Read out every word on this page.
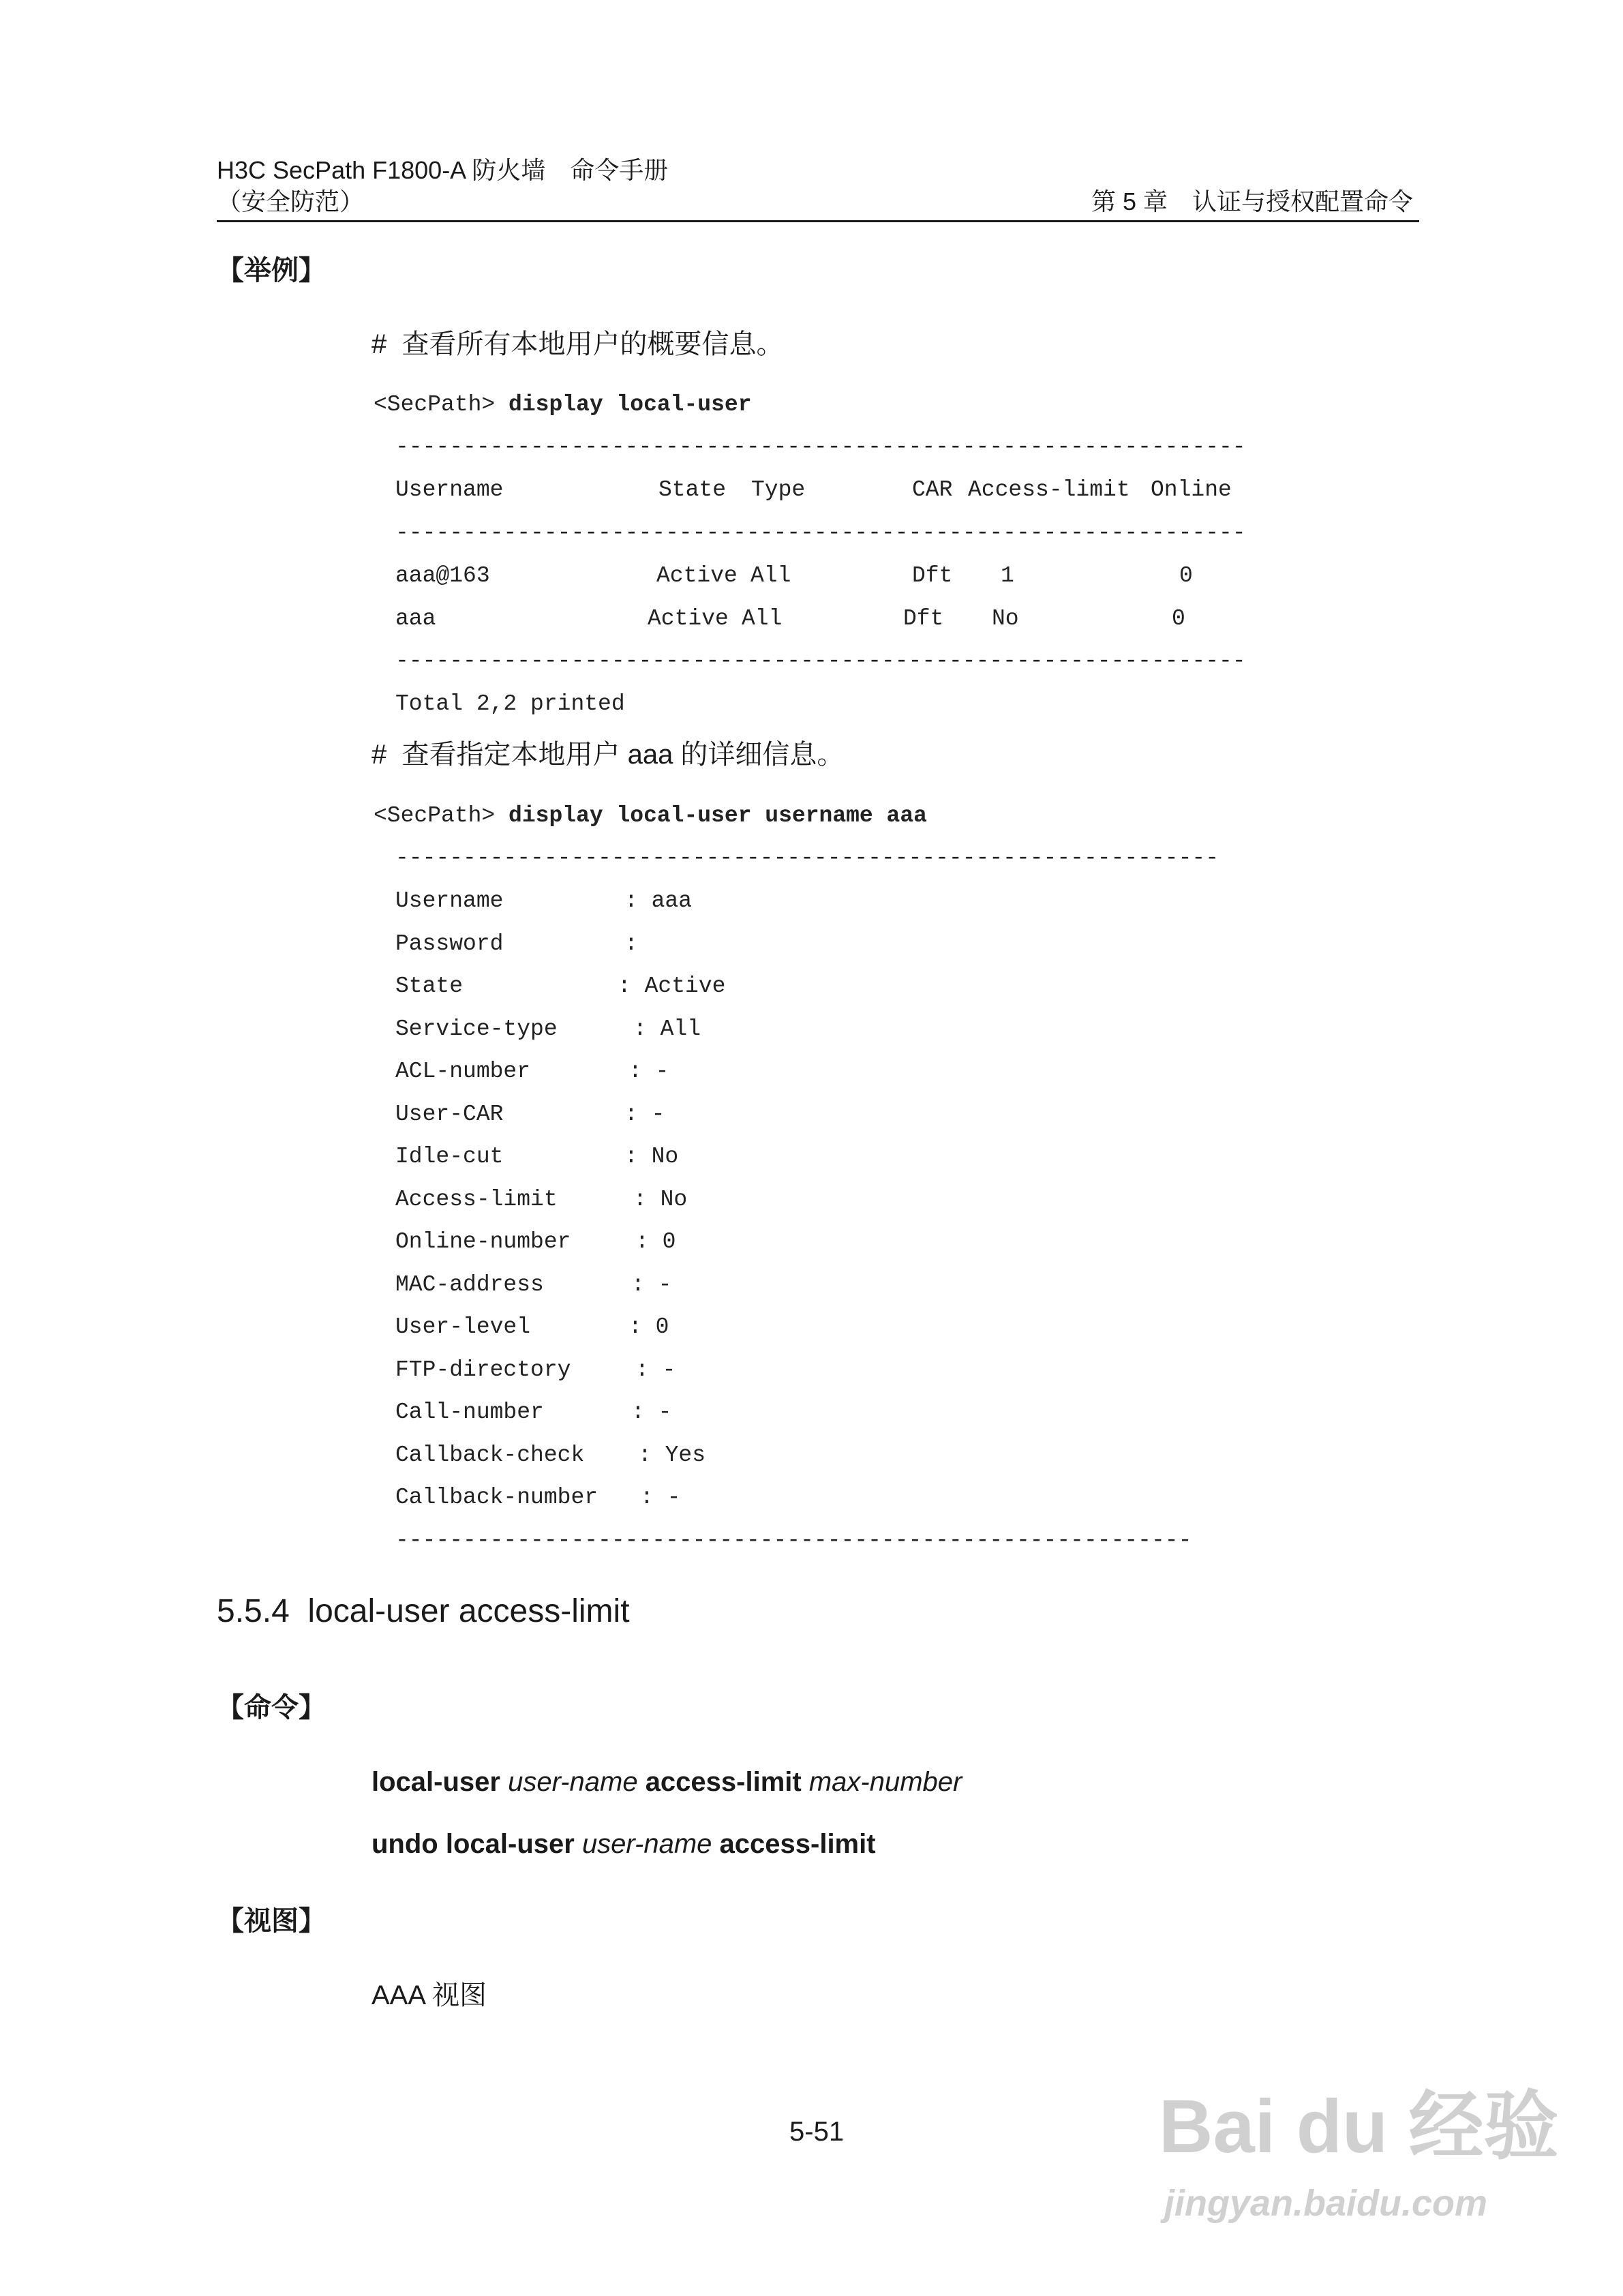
H3C SecPath F1800-A 防火墙　命令手册
（安全防范）	第 5 章　认证与授权配置命令
【举例】
#  查看所有本地用户的概要信息。
<SecPath> display local-user
---------------------------------------------------------------
Username	State Type	CAR Access-limit Online
---------------------------------------------------------------
aaa@163	Active All	Dft 1	0
aaa	Active All	Dft No	0
---------------------------------------------------------------
Total 2,2 printed
#  查看指定本地用户 aaa 的详细信息。
<SecPath> display local-user username aaa
-------------------------------------------------------------
Username	: aaa
Password	:
State	: Active
Service-type	: All
ACL-number	: -
User-CAR	: -
Idle-cut	: No
Access-limit	: No
Online-number	: 0
MAC-address	: -
User-level	: 0
FTP-directory	: -
Call-number	: -
Callback-check : Yes
Callback-number : -
-----------------------------------------------------------
5.5.4  local-user access-limit
【命令】
local-user user-name access-limit max-number
undo local-user user-name access-limit
【视图】
AAA 视图
5-51	Bai du 经验
jingyan.baidu.com
